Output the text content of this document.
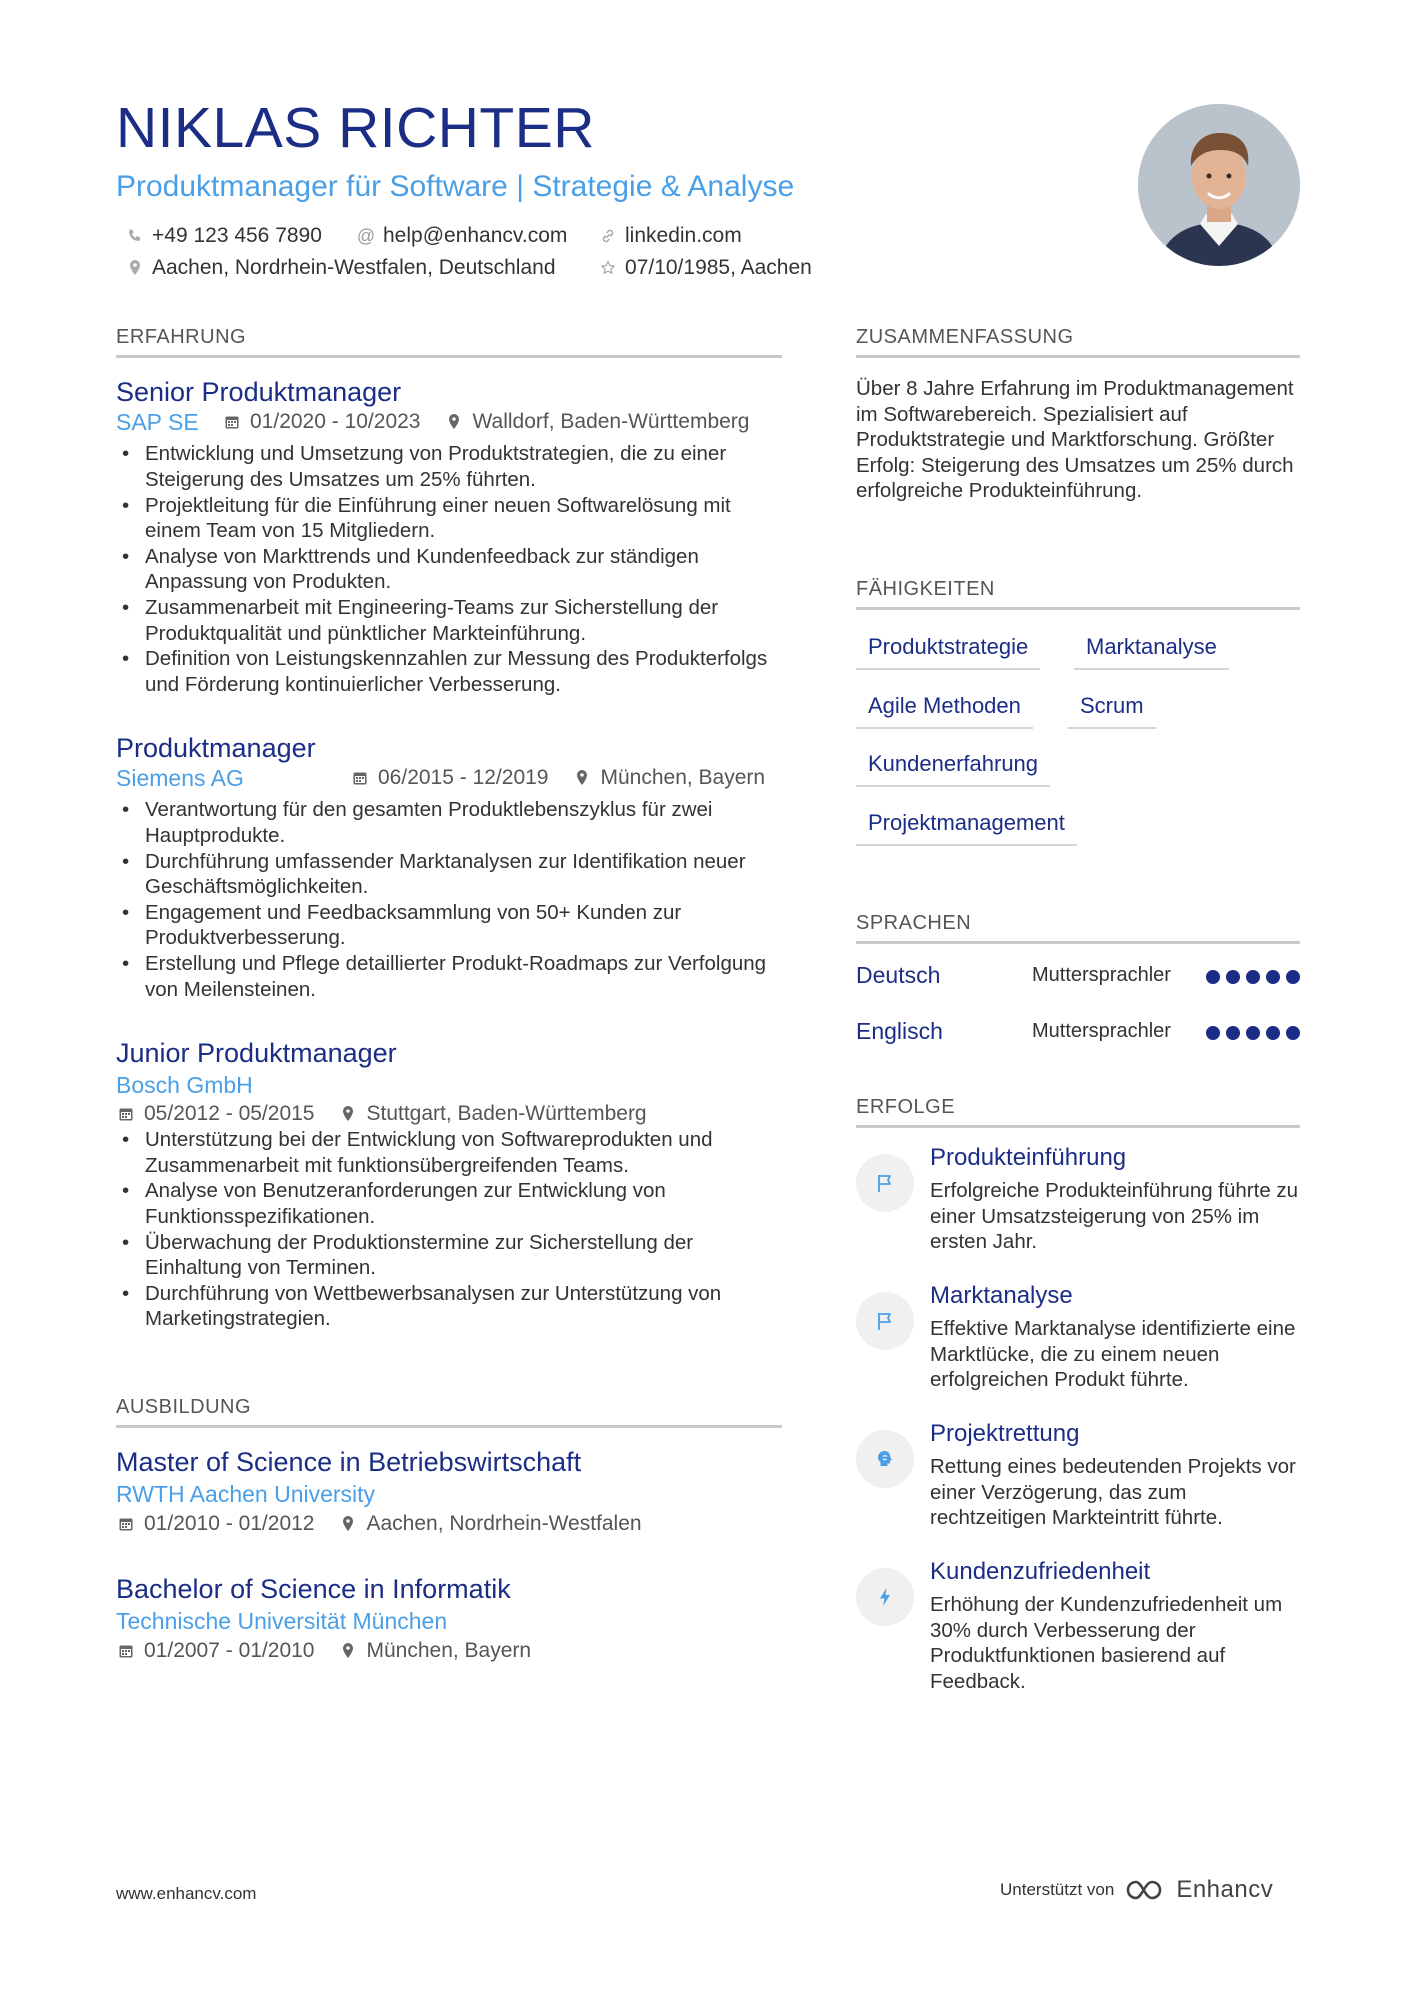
NIKLAS RICHTER
Produktmanager für Software | Strategie & Analyse
+49 123 456 7890 @ help@enhancv.com	linkedin.com
Aachen, Nordrhein-Westfalen, Deutschland	07/10/1985, Aachen
ERFAHRUNG
Senior Produktmanager
SAP SE 01/2020 - 10/2023 Walldorf, Baden-Württemberg
• Entwicklung und Umsetzung von Produktstrategien, die zu einer Steigerung des Umsatzes um 25% führten.
• Projektleitung für die Einführung einer neuen Softwarelösung mit einem Team von 15 Mitgliedern.
• Analyse von Markttrends und Kundenfeedback zur ständigen Anpassung von Produkten.
• Zusammenarbeit mit Engineering-Teams zur Sicherstellung der Produktqualität und pünktlicher Markteinführung.
• Definition von Leistungskennzahlen zur Messung des Produkterfolgs und Förderung kontinuierlicher Verbesserung.
Produktmanager
Siemens AG	06/2015 - 12/2019 München, Bayern
• Verantwortung für den gesamten Produktlebenszyklus für zwei Hauptprodukte.
• Durchführung umfassender Marktanalysen zur Identifikation neuer Geschäftsmöglichkeiten.
• Engagement und Feedbacksammlung von 50+ Kunden zur Produktverbesserung.
• Erstellung und Pflege detaillierter Produkt-Roadmaps zur Verfolgung von Meilensteinen.
Junior Produktmanager
Bosch GmbH
05/2012 - 05/2015 Stuttgart, Baden-Württemberg
• Unterstützung bei der Entwicklung von Softwareprodukten und Zusammenarbeit mit funktionsübergreifenden Teams.
• Analyse von Benutzeranforderungen zur Entwicklung von Funktionsspezifikationen.
• Überwachung der Produktionstermine zur Sicherstellung der Einhaltung von Terminen.
• Durchführung von Wettbewerbsanalysen zur Unterstützung von Marketingstrategien.
AUSBILDUNG
Master of Science in Betriebswirtschaft
RWTH Aachen University
01/2010 - 01/2012 Aachen, Nordrhein-Westfalen
Bachelor of Science in Informatik
Technische Universität München
01/2007 - 01/2010 München, Bayern
ZUSAMMENFASSUNG
Über 8 Jahre Erfahrung im Produktmanagement im Softwarebereich. Spezialisiert auf Produktstrategie und Marktforschung. Größter Erfolg: Steigerung des Umsatzes um 25% durch erfolgreiche Produkteinführung.
FÄHIGKEITEN
Produktstrategie	Marktanalyse
Agile Methoden	Scrum
Kundenerfahrung
Projektmanagement
SPRACHEN
Deutsch	Muttersprachler
Englisch	Muttersprachler
ERFOLGE
Produkteinführung
Erfolgreiche Produkteinführung führte zu einer Umsatzsteigerung von 25% im ersten Jahr.
Marktanalyse
Effektive Marktanalyse identifizierte eine Marktlücke, die zu einem neuen erfolgreichen Produkt führte.
Projektrettung
Rettung eines bedeutenden Projekts vor einer Verzögerung, das zum rechtzeitigen Markteintritt führte.
Kundenzufriedenheit
Erhöhung der Kundenzufriedenheit um 30% durch Verbesserung der Produktfunktionen basierend auf Feedback.
www.enhancv.com	Unterstützt von	Enhancv
